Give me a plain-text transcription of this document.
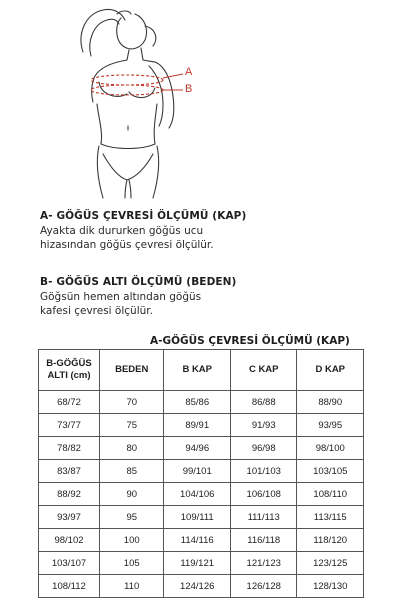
A
B
A- GÖĞÜS ÇEVRESİ ÖLÇÜMÜ (KAP)
Ayakta dik dururken göğüs ucu
hizasından göğüs çevresi ölçülür.
B- GÖĞÜS ALTI ÖLÇÜMÜ (BEDEN)
Göğsün hemen altından göğüs
kafesi çevresi ölçülür.
A-GÖĞÜS ÇEVRESİ ÖLÇÜMÜ (KAP)
B-GÖĞÜS
ALTI (cm)	BEDEN	B KAP	C KAP	D KAP
68/72	70	85/86	86/88	88/90
73/77	75	89/91	91/93	93/95
78/82	80	94/96	96/98	98/100
83/87	85	99/101	101/103	103/105
88/92	90	104/106	106/108	108/110
93/97	95	109/111	111/113	113/115
98/102	100	114/116	116/118	118/120
103/107	105	119/121	121/123	123/125
108/112	110	124/126	126/128	128/130
